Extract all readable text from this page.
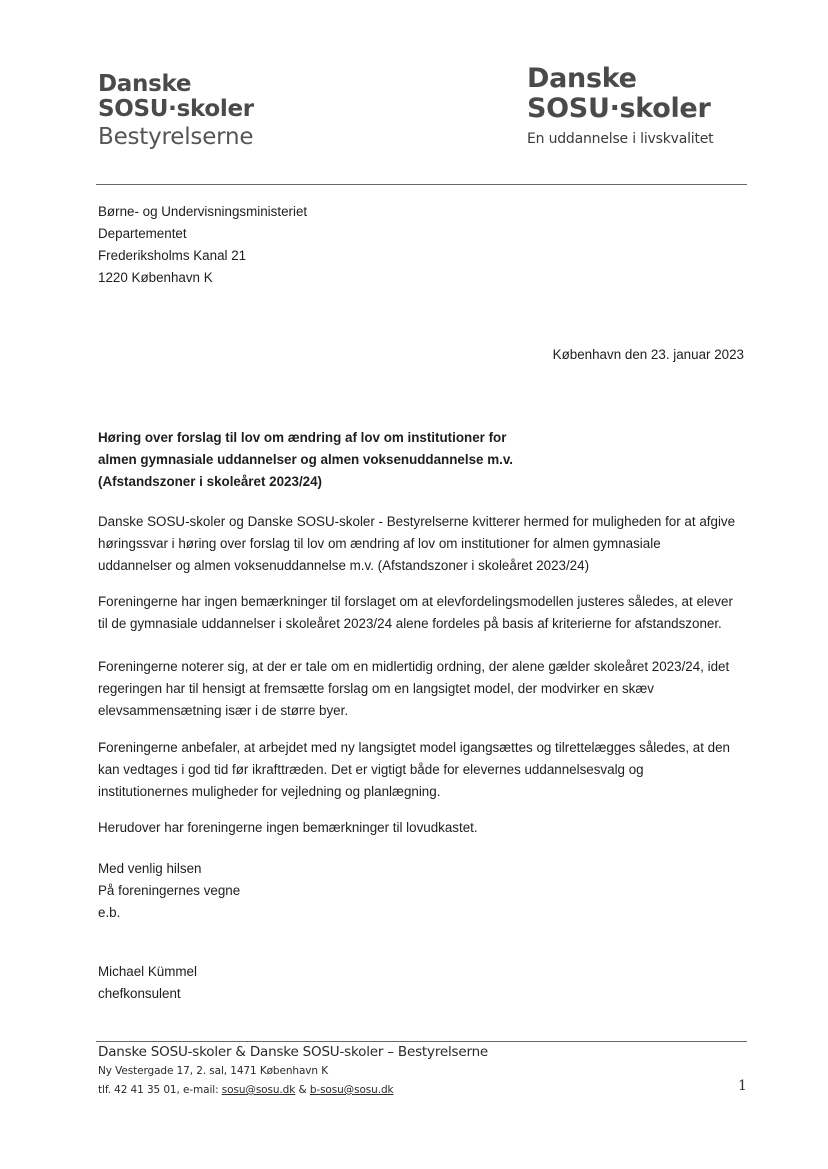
Danske
SOSU·skoler
Bestyrelserne
Danske
SOSU·skoler
En uddannelse i livskvalitet
Børne- og Undervisningsministeriet
Departementet
Frederiksholms Kanal 21
1220 København K
København den 23. januar 2023
Høring over forslag til lov om ændring af lov om institutioner for
almen gymnasiale uddannelser og almen voksenuddannelse m.v.
(Afstandszoner i skoleåret 2023/24)
Danske SOSU-skoler og Danske SOSU-skoler - Bestyrelserne kvitterer hermed for muligheden for at afgive
høringssvar i høring over forslag til lov om ændring af lov om institutioner for almen gymnasiale
uddannelser og almen voksenuddannelse m.v. (Afstandszoner i skoleåret 2023/24)
Foreningerne har ingen bemærkninger til forslaget om at elevfordelingsmodellen justeres således, at elever
til de gymnasiale uddannelser i skoleåret 2023/24 alene fordeles på basis af kriterierne for afstandszoner.
Foreningerne noterer sig, at der er tale om en midlertidig ordning, der alene gælder skoleåret 2023/24, idet
regeringen har til hensigt at fremsætte forslag om en langsigtet model, der modvirker en skæv
elevsammensætning især i de større byer.
Foreningerne anbefaler, at arbejdet med ny langsigtet model igangsættes og tilrettelægges således, at den
kan vedtages i god tid før ikrafttræden. Det er vigtigt både for elevernes uddannelsesvalg og
institutionernes muligheder for vejledning og planlægning.
Herudover har foreningerne ingen bemærkninger til lovudkastet.
Med venlig hilsen
På foreningernes vegne
e.b.
Michael Kümmel
chefkonsulent
Danske SOSU-skoler & Danske SOSU-skoler – Bestyrelserne
Ny Vestergade 17, 2. sal, 1471 København K
tlf. 42 41 35 01, e-mail: sosu@sosu.dk & b-sosu@sosu.dk	1
